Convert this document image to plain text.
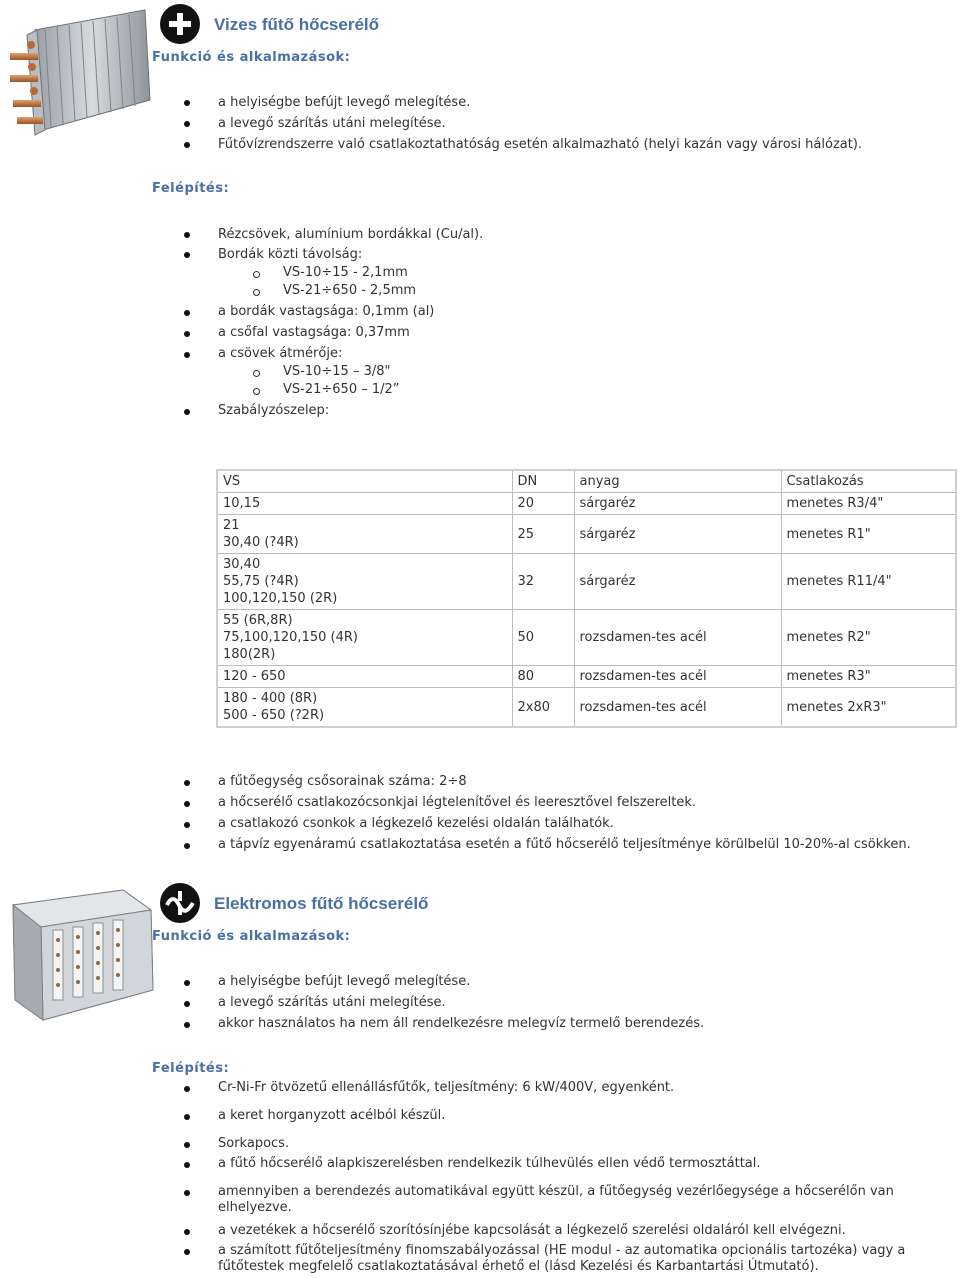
Vizes fűtő hőcserélő
Funkció és alkalmazások:
a helyiségbe befújt levegő melegítése.
a levegő szárítás utáni melegítése.
Fűtővízrendszerre való csatlakoztathatóság esetén alkalmazható (helyi kazán vagy városi hálózat).
Felépítés:
Rézcsövek, alumínium bordákkal (Cu/al).
Bordák közti távolság:
VS-10÷15 - 2,1mm
VS-21÷650 - 2,5mm
a bordák vastagsága: 0,1mm (al)
a csőfal vastagsága: 0,37mm
a csövek átmérője:
VS-10÷15 – 3/8"
VS-21÷650 – 1/2”
Szabályzószelep:
VS	DN	anyag	Csatlakozás
10,15	20	sárgaréz	menetes R3/4"
21
30,40 (?4R)	25	sárgaréz	menetes R1"
30,40
55,75 (?4R)
100,120,150 (2R)	32	sárgaréz	menetes R11/4"
55 (6R,8R)
75,100,120,150 (4R)
180(2R)	50	rozsdamen-tes acél	menetes R2"
120 - 650	80	rozsdamen-tes acél	menetes R3"
180 - 400 (8R)
500 - 650 (?2R)	2x80	rozsdamen-tes acél	menetes 2xR3"
a fűtőegység csősorainak száma: 2÷8
a hőcserélő csatlakozócsonkjai légtelenítővel és leeresztővel felszereltek.
a csatlakozó csonkok a légkezelő kezelési oldalán találhatók.
a tápvíz egyenáramú csatlakoztatása esetén a fűtő hőcserélő teljesítménye körülbelül 10-20%-al csökken.
Elektromos fűtő hőcserélő
Funkció és alkalmazások:
a helyiségbe befújt levegő melegítése.
a levegő szárítás utáni melegítése.
akkor használatos ha nem áll rendelkezésre melegvíz termelő berendezés.
Felépítés:
Cr-Ni-Fr ötvözetű ellenállásfűtők, teljesítmény: 6 kW/400V, egyenként.
a keret horganyzott acélból készül.
Sorkapocs.
a fűtő hőcserélő alapkiszerelésben rendelkezik túlhevülés ellen védő termosztáttal.
amennyiben a berendezés automatikával együtt készül, a fűtőegység vezérlőegysége a hőcserélőn van
elhelyezve.
a vezetékek a hőcserélő szorítósínjébe kapcsolását a légkezelő szerelési oldaláról kell elvégezni.
a számított fűtőteljesítmény finomszabályozással (HE modul - az automatika opcionális tartozéka) vagy a
fűtőtestek megfelelő csatlakoztatásával érhető el (lásd Kezelési és Karbantartási Útmutató).
